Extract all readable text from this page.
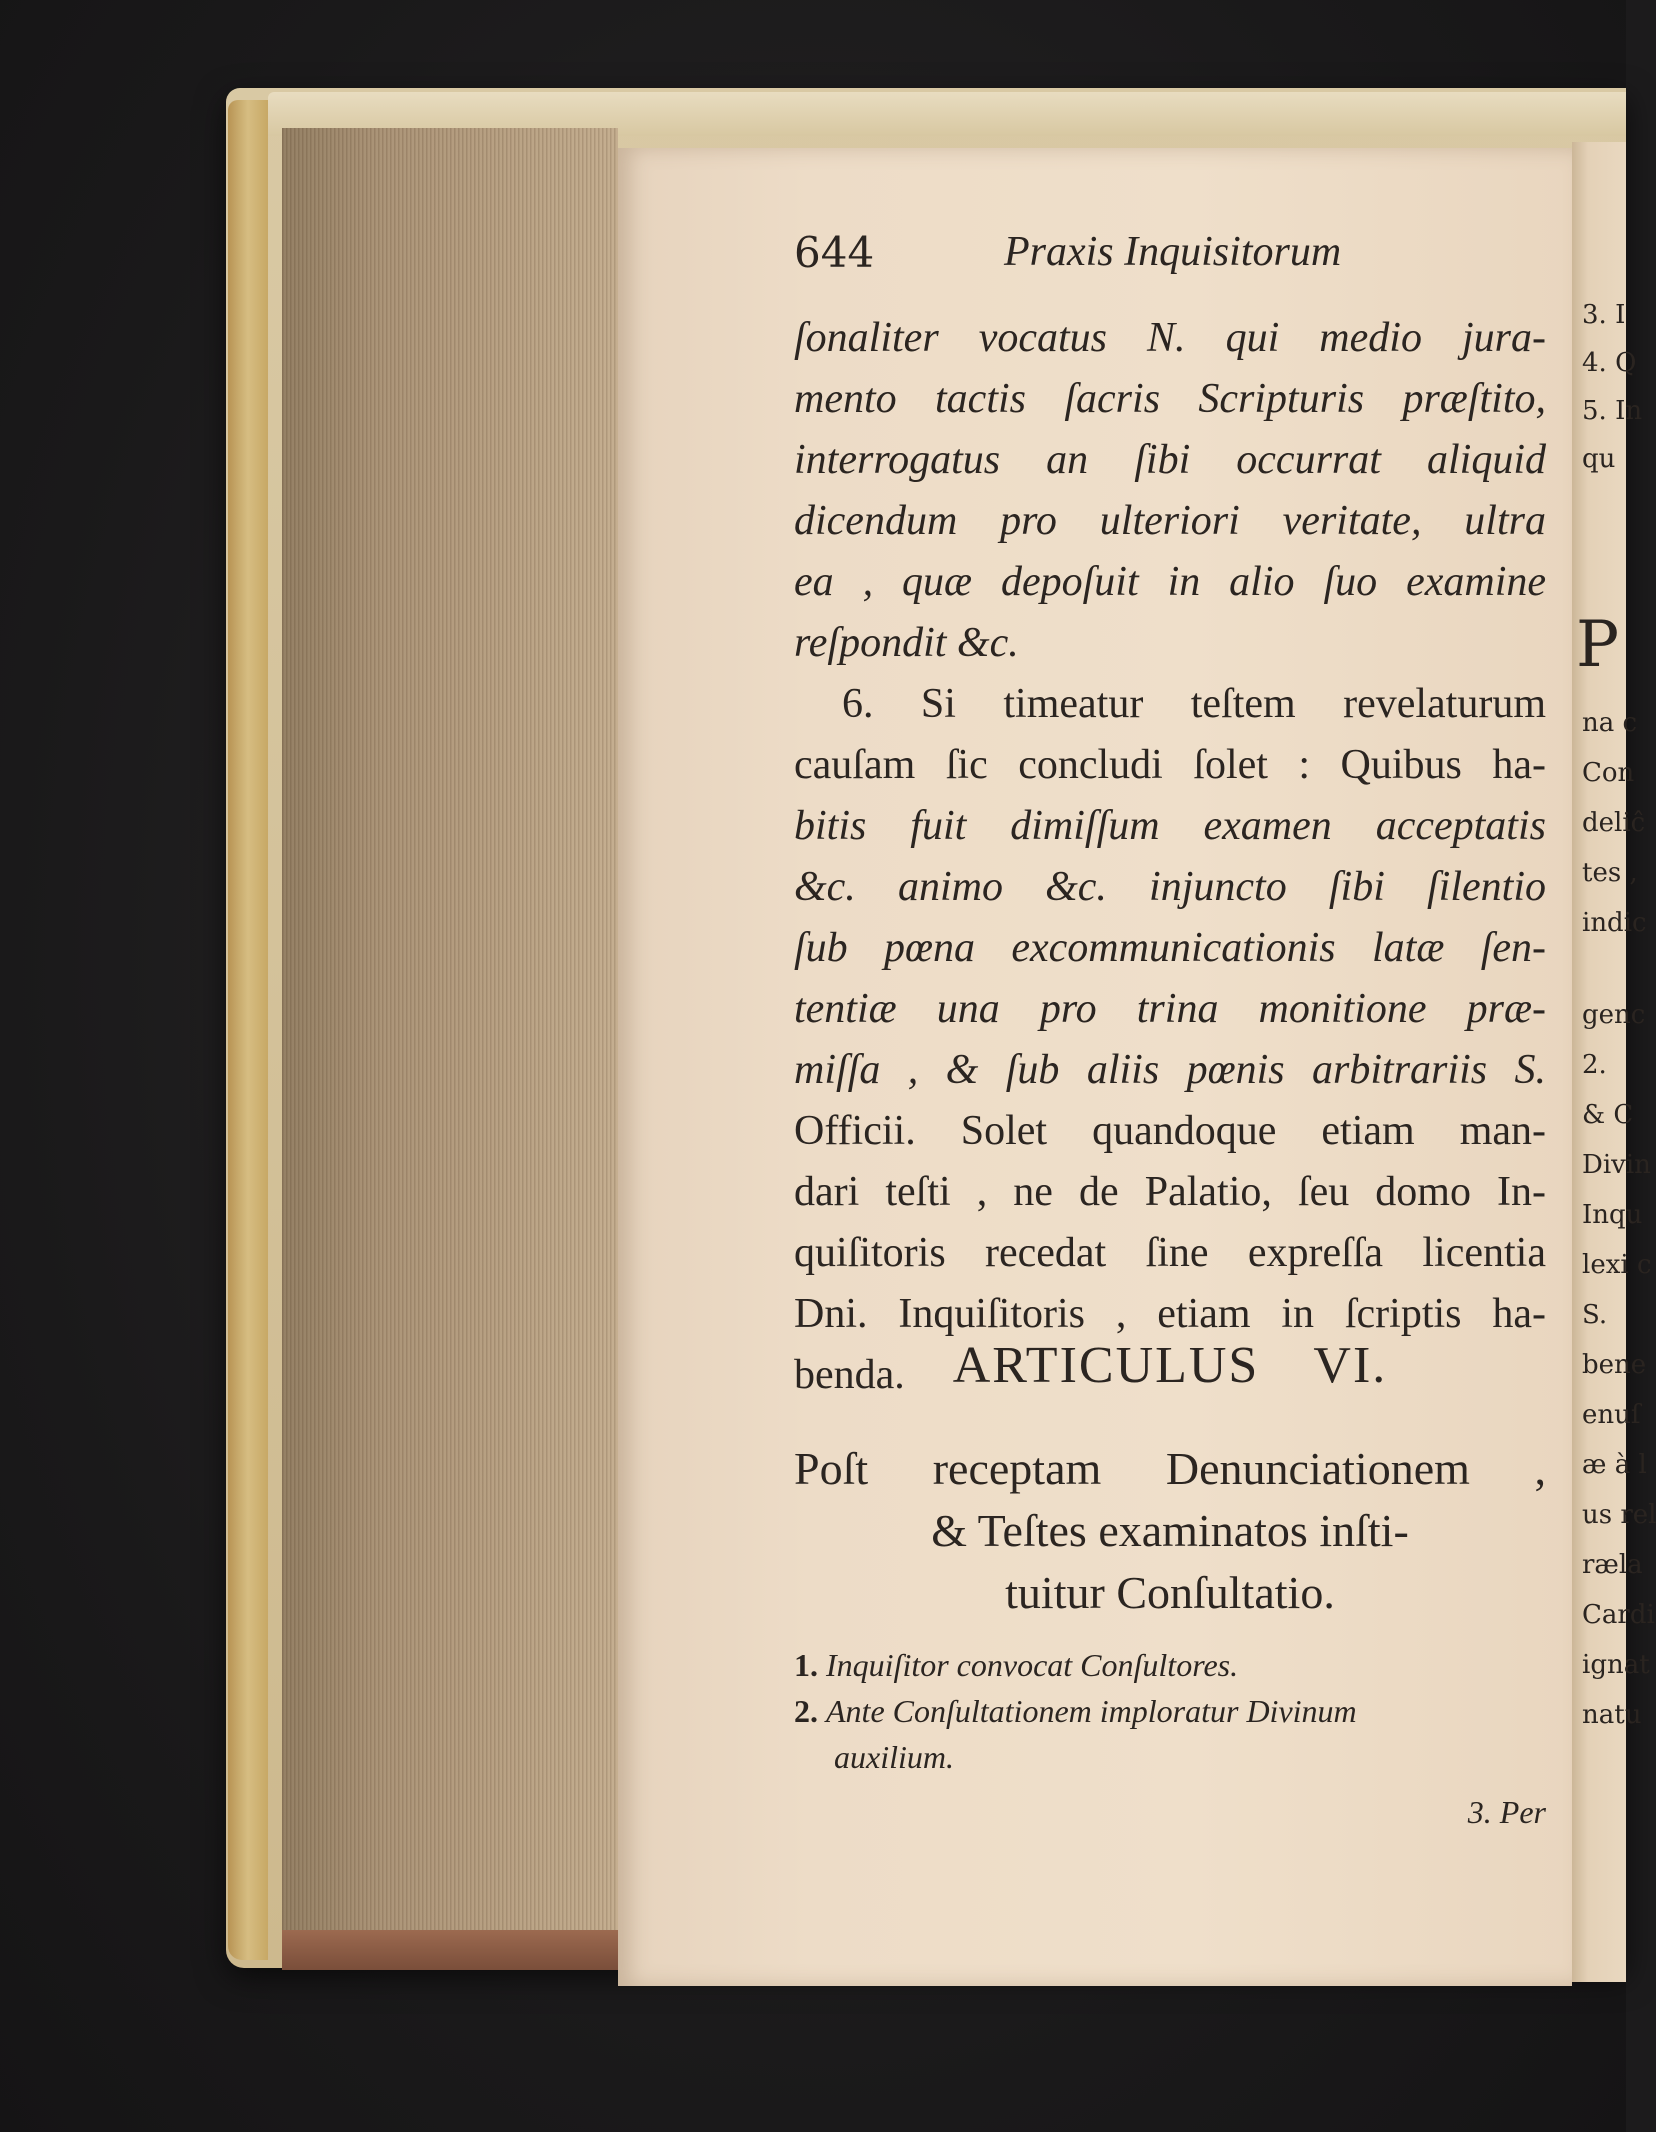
644	Praxis Inquisitorum
ſonaliter vocatus N. qui medio jura-
mento tactis ſacris Scripturis præſtito,
interrogatus an ſibi occurrat aliquid
dicendum pro ulteriori veritate, ultra
ea , quæ depoſuit in alio ſuo examine
reſpondit &c.
6. Si timeatur teſtem revelaturum
cauſam ſic concludi ſolet : Quibus ha-
bitis fuit dimiſſum examen acceptatis
&c. animo &c. injuncto ſibi ſilentio
ſub pœna excommunicationis latæ ſen-
tentiæ una pro trina monitione præ-
miſſa , & ſub aliis pœnis arbitrariis S.
Officii. Solet quandoque etiam man-
dari teſti , ne de Palatio, ſeu domo In-
quiſitoris recedat ſine expreſſa licentia
Dni. Inquiſitoris , etiam in ſcriptis ha-
benda. ARTICULUS VI.
Poſt receptam Denunciationem ,
& Teſtes examinatos inſti-
tuitur Conſultatio.
1. Inquiſitor convocat Conſultores.
2. Ante Conſultationem imploratur Divinum
auxilium.
3. Per
3. I
4. Q
5. In
qu
P
na c
Con
deliĉ
tes ,
indic
genc
2.
& C
Divin
Inqu
lexi c
S.
bene
enuſ
æ à l
us rel
ræla
Cardi
ignat
natu
